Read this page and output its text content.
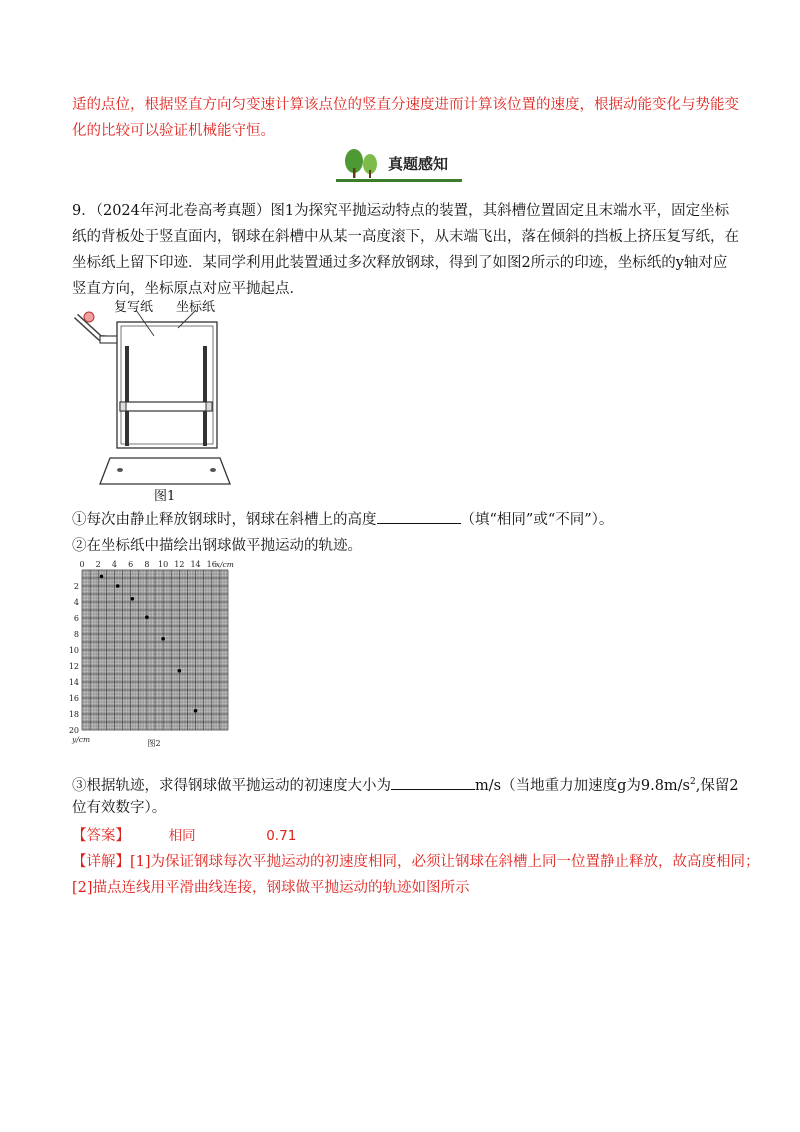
适的点位，根据竖直方向匀变速计算该点位的竖直分速度进而计算该位置的速度，根据动能变化与势能变
化的比较可以验证机械能守恒。
真题感知
9．（2024年河北卷高考真题）图1为探究平抛运动特点的装置，其斜槽位置固定且末端水平，固定坐标
纸的背板处于竖直面内，钢球在斜槽中从某一高度滚下，从末端飞出，落在倾斜的挡板上挤压复写纸，在
坐标纸上留下印迹．某同学利用此装置通过多次释放钢球，得到了如图2所示的印迹，坐标纸的y轴对应
竖直方向，坐标原点对应平抛起点．
复写纸 坐标纸
图1
①每次由静止释放钢球时，钢球在斜槽上的高度	（填“相同”或“不同”）。
②在坐标纸中描绘出钢球做平抛运动的轨迹。
0 2 4 6 8 10 12 14 16
x/cm
2
4
6
8
10
12
14
16
18
20
y/cm	图2
③根据轨迹，求得钢球做平抛运动的初速度大小为	m/s（当地重力加速度g为$9.8m/s^2$,保留2
位有效数字）。
【答案】	相同	0.71
【详解】[1]为保证钢球每次平抛运动的初速度相同，必须让钢球在斜槽上同一位置静止释放，故高度相同；
[2]描点连线用平滑曲线连接，钢球做平抛运动的轨迹如图所示
